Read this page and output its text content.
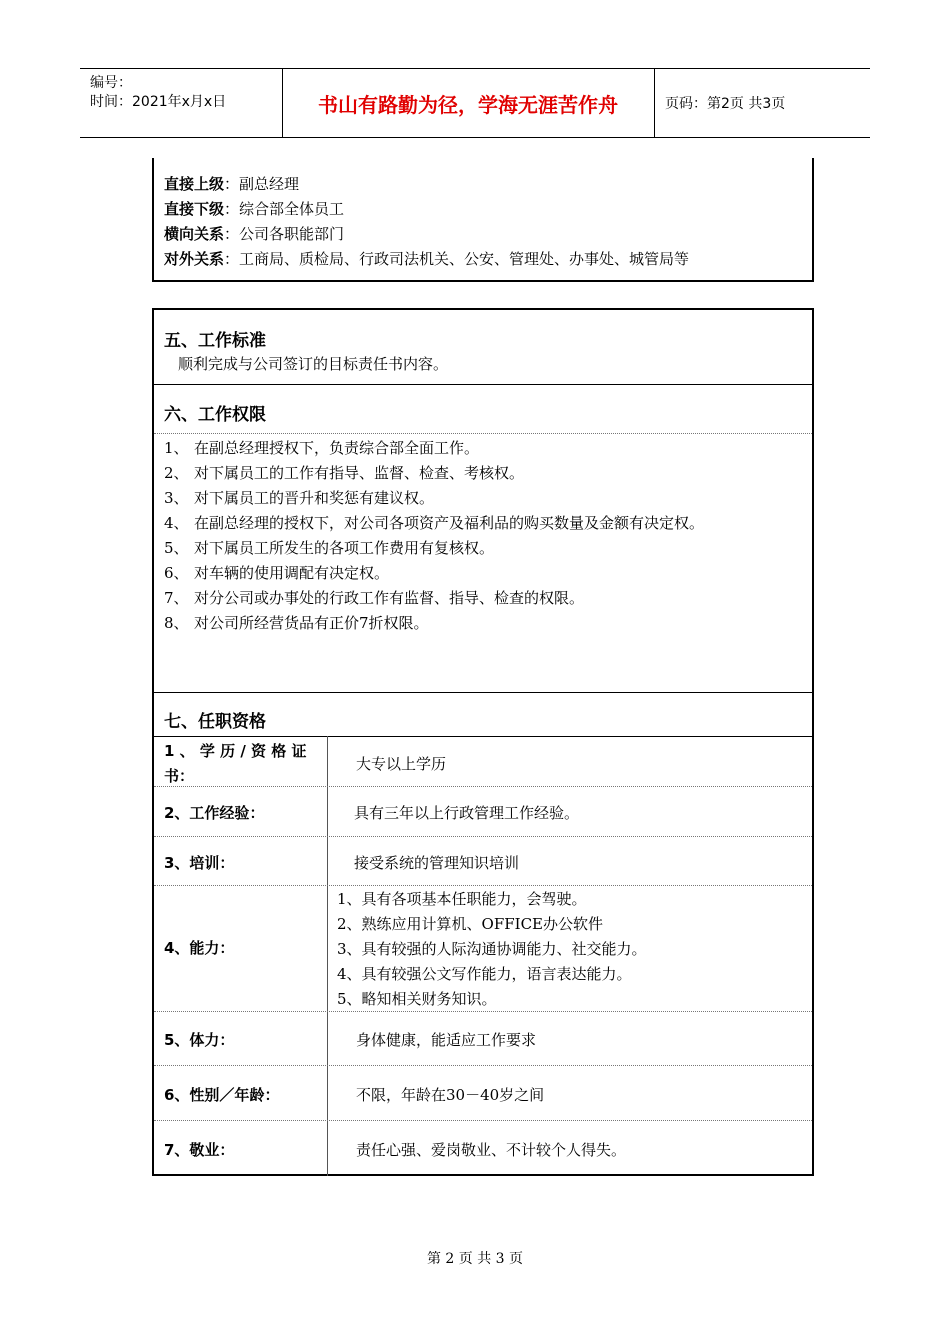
编号：
时间：2021年x月x日	书山有路勤为径，学海无涯苦作舟	页码：第2页 共3页
直接上级：副总经理
直接下级：综合部全体员工
横向关系：公司各职能部门
对外关系：工商局、质检局、行政司法机关、公安、管理处、办事处、城管局等
五、工作标准
顺利完成与公司签订的目标责任书内容。
六、工作权限
1、 在副总经理授权下，负责综合部全面工作。
2、 对下属员工的工作有指导、监督、检查、考核权。
3、 对下属员工的晋升和奖惩有建议权。
4、 在副总经理的授权下，对公司各项资产及福利品的购买数量及金额有决定权。
5、 对下属员工所发生的各项工作费用有复核权。
6、 对车辆的使用调配有决定权。
7、 对分公司或办事处的行政工作有监督、指导、检查的权限。
8、 对公司所经营货品有正价7折权限。
七、任职资格
1 、 学 历 / 资 格 证
书：
大专以上学历
2、工作经验：	具有三年以上行政管理工作经验。
3、培训：	接受系统的管理知识培训
4、能力：
1、具有各项基本任职能力，会驾驶。
2、熟练应用计算机、OFFICE办公软件
3、具有较强的人际沟通协调能力、社交能力。
4、具有较强公文写作能力，语言表达能力。
5、略知相关财务知识。
5、体力：	身体健康，能适应工作要求
6、性别／年龄：	不限，年龄在30－40岁之间
7、敬业：	责任心强、爱岗敬业、不计较个人得失。
第 2 页 共 3 页
